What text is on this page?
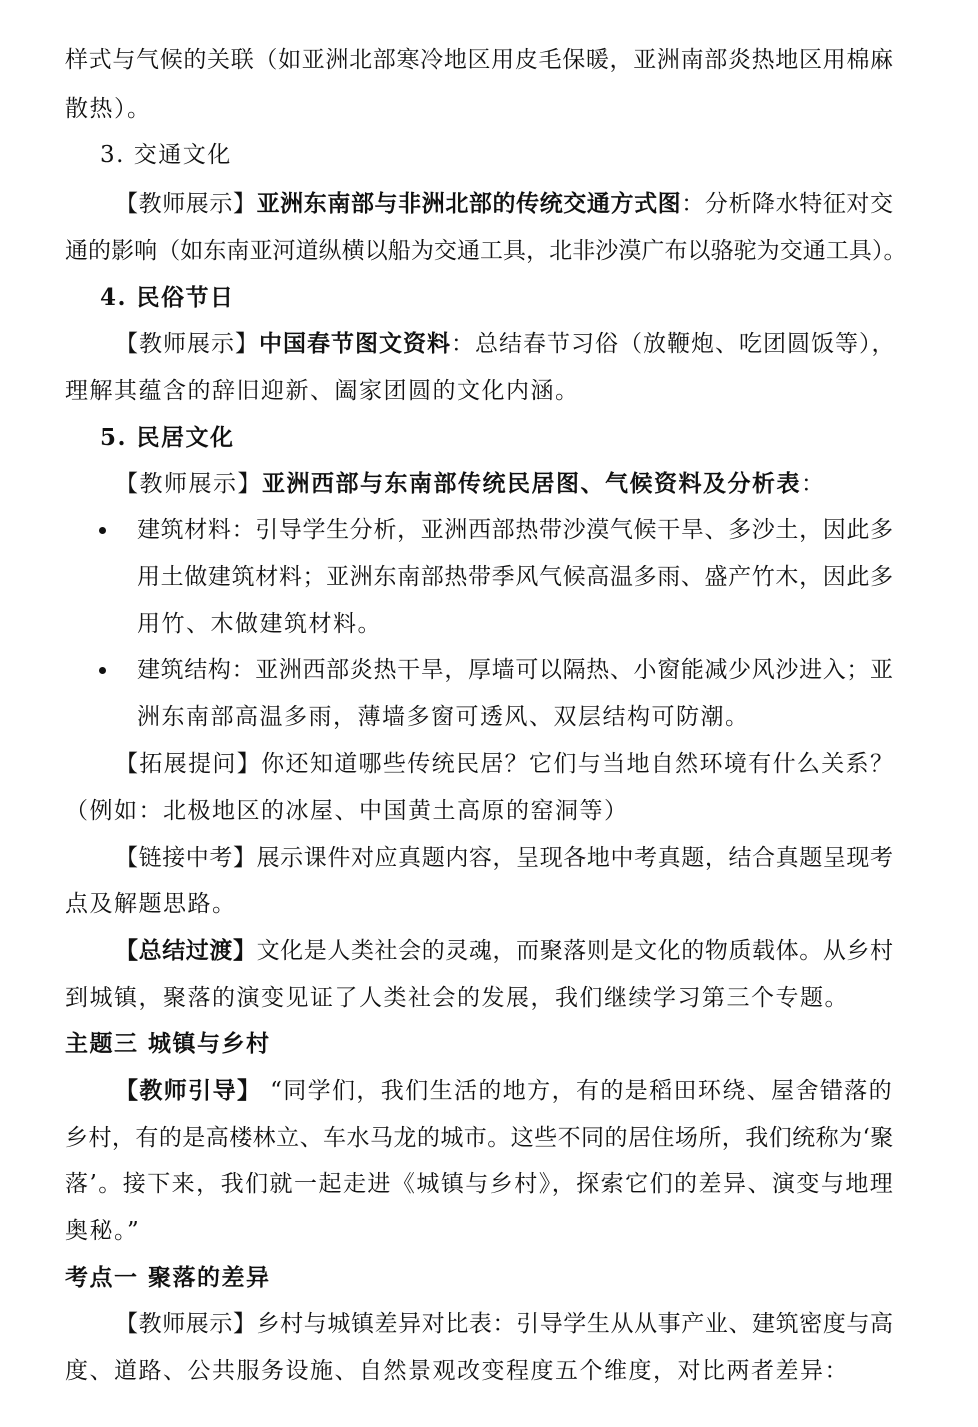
样式与气候的关联（如亚洲北部寒冷地区用皮毛保暖，亚洲南部炎热地区用棉麻
散热）。
3. 交通文化
【教师展示】亚洲东南部与非洲北部的传统交通方式图：分析降水特征对交
通的影响（如东南亚河道纵横以船为交通工具，北非沙漠广布以骆驼为交通工具）。
4. 民俗节日
【教师展示】中国春节图文资料：总结春节习俗（放鞭炮、吃团圆饭等），
理解其蕴含的辞旧迎新、阖家团圆的文化内涵。
5. 民居文化
【教师展示】亚洲西部与东南部传统民居图、气候资料及分析表：
建筑材料：引导学生分析，亚洲西部热带沙漠气候干旱、多沙土，因此多
用土做建筑材料；亚洲东南部热带季风气候高温多雨、盛产竹木，因此多
用竹、木做建筑材料。
建筑结构：亚洲西部炎热干旱，厚墙可以隔热、小窗能减少风沙进入；亚
洲东南部高温多雨，薄墙多窗可透风、双层结构可防潮。
【拓展提问】你还知道哪些传统民居？它们与当地自然环境有什么关系？
（例如：北极地区的冰屋、中国黄土高原的窑洞等）
【链接中考】展示课件对应真题内容，呈现各地中考真题，结合真题呈现考
点及解题思路。
【总结过渡】文化是人类社会的灵魂，而聚落则是文化的物质载体。从乡村
到城镇，聚落的演变见证了人类社会的发展，我们继续学习第三个专题。
主题三 城镇与乡村
【教师引导】 “同学们，我们生活的地方，有的是稻田环绕、屋舍错落的
乡村，有的是高楼林立、车水马龙的城市。这些不同的居住场所，我们统称为‘聚
落’。接下来，我们就一起走进《城镇与乡村》，探索它们的差异、演变与地理
奥秘。”
考点一 聚落的差异
【教师展示】乡村与城镇差异对比表：引导学生从从事产业、建筑密度与高
度、道路、公共服务设施、自然景观改变程度五个维度，对比两者差异：
